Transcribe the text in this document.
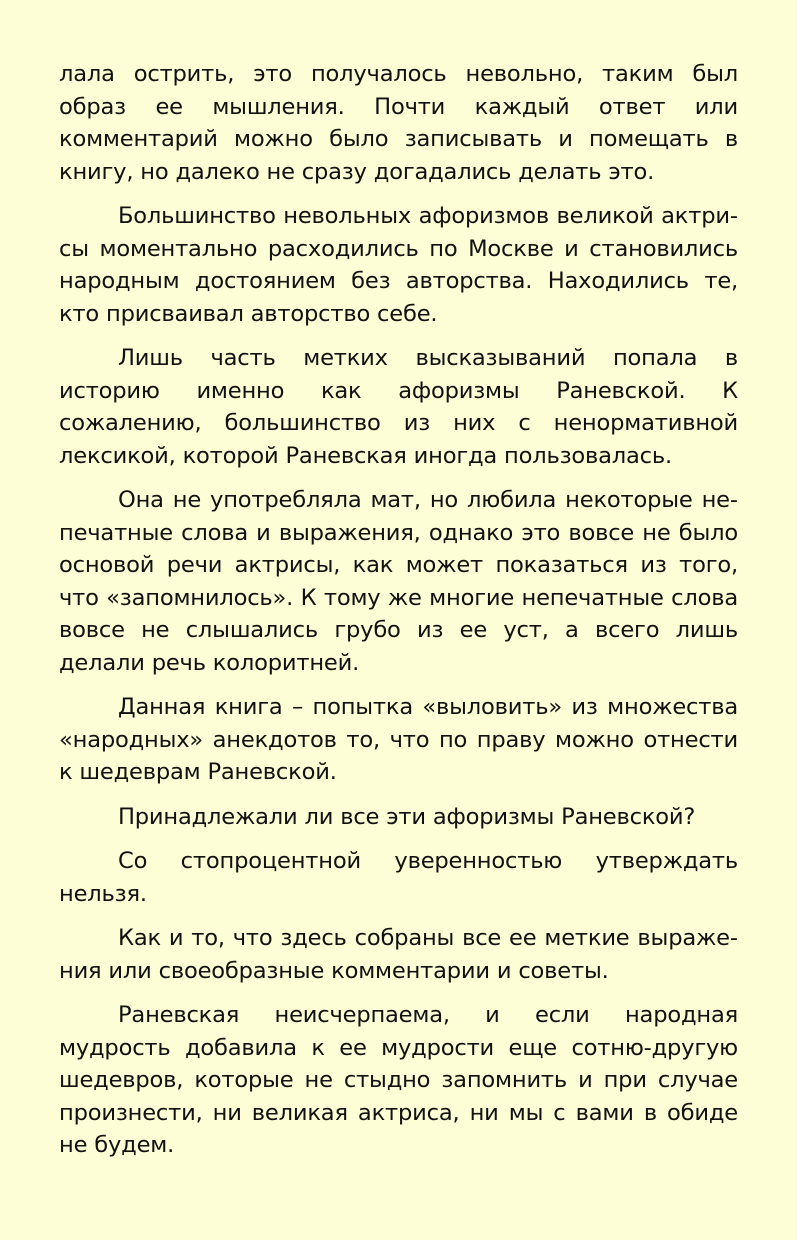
лала острить, это получалось невольно, таким был образ ее мышления. Почти каждый ответ или комментарий можно было записывать и помещать в книгу, но далеко не сразу догадались делать это.

Большинство невольных афоризмов великой актрисы моментально расходились по Москве и становились народным достоянием без авторства. Находились те, кто присваивал авторство себе.

Лишь часть метких высказываний попала в историю именно как афоризмы Раневской. К сожалению, большинство из них с ненормативной лексикой, которой Раневская иногда пользовалась.

Она не употребляла мат, но любила некоторые непечатные слова и выражения, однако это вовсе не было основой речи актрисы, как может показаться из того, что «запомнилось». К тому же многие непечатные слова вовсе не слышались грубо из ее уст, а всего лишь делали речь колоритней.

Данная книга – попытка «выловить» из множества «народных» анекдотов то, что по праву можно отнести к шедеврам Раневской.

Принадлежали ли все эти афоризмы Раневской?

Со стопроцентной уверенностью утверждать нельзя.

Как и то, что здесь собраны все ее меткие выражения или своеобразные комментарии и советы.

Раневская неисчерпаема, и если народная мудрость добавила к ее мудрости еще сотню-другую шедевров, которые не стыдно запомнить и при случае произнести, ни великая актриса, ни мы с вами в обиде не будем.
